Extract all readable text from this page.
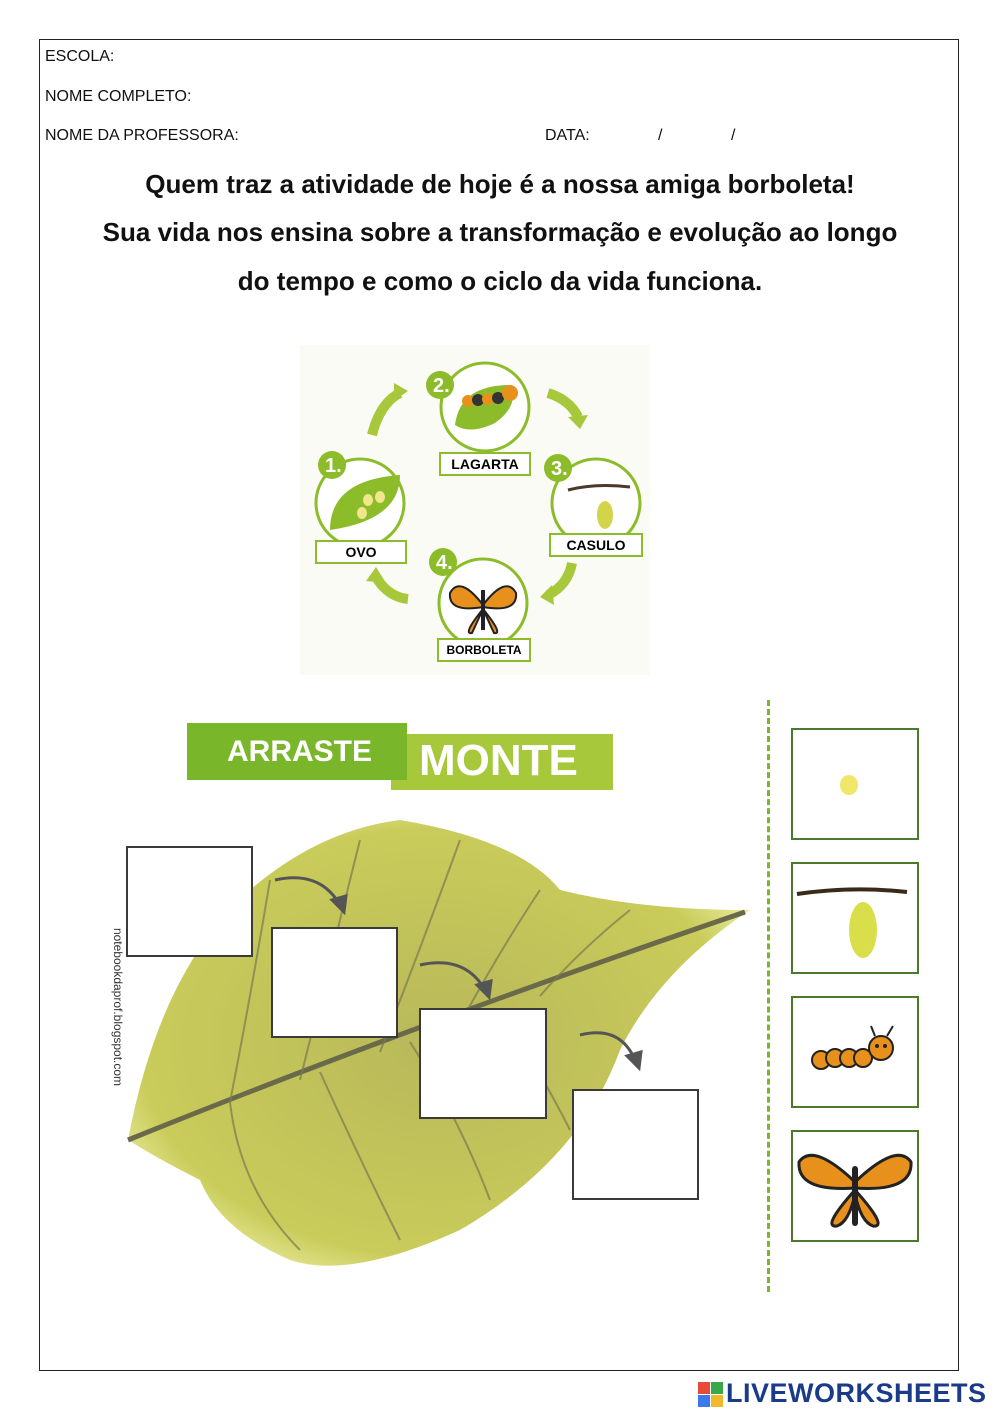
ESCOLA:
NOME COMPLETO:
NOME DA PROFESSORA:	DATA:	/	/
Quem traz a atividade de hoje é a nossa amiga borboleta!
Sua vida nos ensina sobre a transformação e evolução ao longo
do tempo e como o ciclo da vida funciona.
2.
LAGARTA
1.
OVO
3.
CASULO
4.
BORBOLETA
MONTE
ARRASTE
notebookdaprof.blogspot.com
LIVEWORKSHEETS
